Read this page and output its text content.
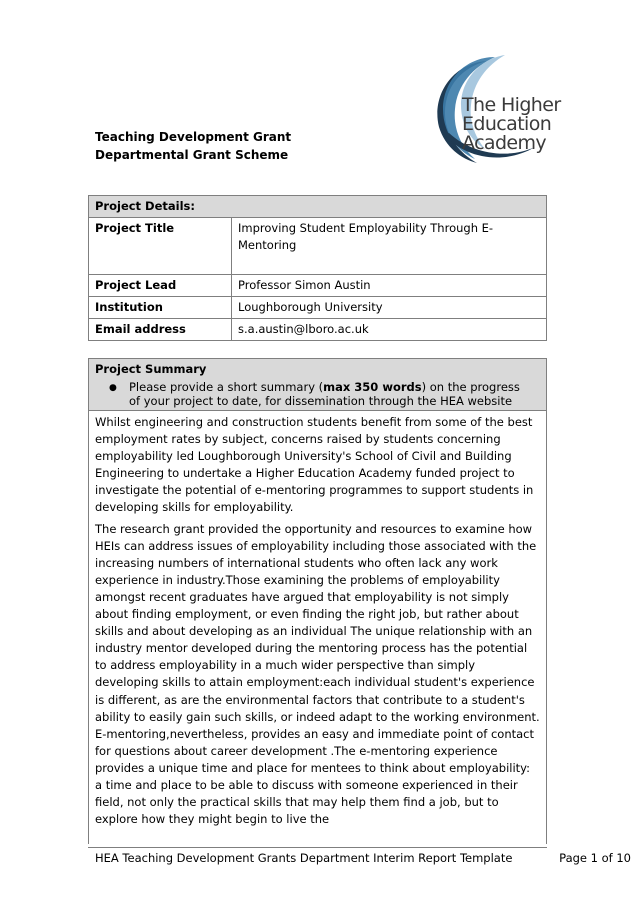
The Higher
Education
Academy
Teaching Development Grant
Departmental Grant Scheme
Project Details:
Project Title	Improving Student Employability Through E-Mentoring
Project Lead	Professor Simon Austin
Institution	Loughborough University
Email address	s.a.austin@lboro.ac.uk
Project Summary
●	Please provide a short summary (max 350 words) on the progress of your project to date, for dissemination through the HEA website

Whilst engineering and construction students benefit from some of the best employment rates by subject, concerns raised by students concerning employability led Loughborough University's School of Civil and Building Engineering to undertake a Higher Education Academy funded project to investigate the potential of e-mentoring programmes to support students in developing skills for employability.

The research grant provided the opportunity and resources to examine how HEIs can address issues of employability including those associated with the increasing numbers of international students who often lack any work experience in industry.Those examining the problems of employability amongst recent graduates have argued that employability is not simply about finding employment, or even finding the right job, but rather about skills and about developing as an individual The unique relationship with an industry mentor developed during the mentoring process has the potential to address employability in a much wider perspective than simply developing skills to attain employment:each individual student's experience is different, as are the environmental factors that contribute to a student's ability to easily gain such skills, or indeed adapt to the working environment. E-mentoring,nevertheless, provides an easy and immediate point of contact for questions about career development .The e-mentoring experience provides a unique time and place for mentees to think about employability: a time and place to be able to discuss with someone experienced in their field, not only the practical skills that may help them find a job, but to explore how they might begin to live the

HEA Teaching Development Grants Department Interim Report Template	Page 1 of 10
